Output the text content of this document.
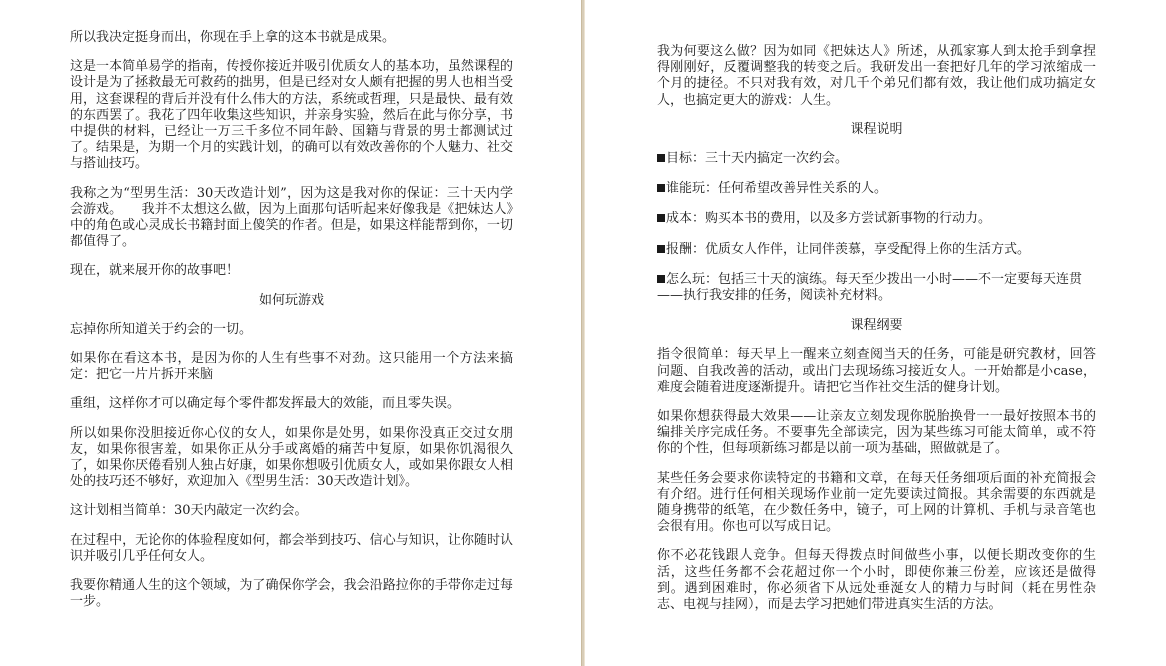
所以我决定挺身而出，你现在手上拿的这本书就是成果。

这是一本简单易学的指南，传授你接近并吸引优质女人的基本功，虽然课程的设计是为了拯救最无可救药的拙男，但是已经对女人颇有把握的男人也相当受用，这套课程的背后并没有什么伟大的方法，系统或哲理，只是最快、最有效的东西罢了。我花了四年收集这些知识，并亲身实验，然后在此与你分享，书中提供的材料，已经让一万三千多位不同年龄、国籍与背景的男士都测试过了。结果是，为期一个月的实践计划，的确可以有效改善你的个人魅力、社交与搭讪技巧。

我称之为“型男生活：30天改造计划”，因为这是我对你的保证：三十天内学会游戏。　　我并不太想这么做，因为上面那句话听起来好像我是《把妹达人》中的角色或心灵成长书籍封面上傻笑的作者。但是，如果这样能帮到你，一切都值得了。

现在，就来展开你的故事吧！

如何玩游戏

忘掉你所知道关于约会的一切。

如果你在看这本书，是因为你的人生有些事不对劲。这只能用一个方法来搞定：把它一片片拆开来脑

重组，这样你才可以确定每个零件都发挥最大的效能，而且零失误。

所以如果你没胆接近你心仪的女人，如果你是处男，如果你没真正交过女朋友，如果你很害羞，如果你正从分手或离婚的痛苦中复原，如果你饥渴很久了，如果你厌倦看别人独占好康，如果你想吸引优质女人，或如果你跟女人相处的技巧还不够好，欢迎加入《型男生活：30天改造计划》。

这计划相当简单：30天内敲定一次约会。

在过程中，无论你的体验程度如何，都会举到技巧、信心与知识，让你随时认识并吸引几乎任何女人。

我要你精通人生的这个领域，为了确保你学会，我会沿路拉你的手带你走过每一步。

我为何要这么做？因为如同《把妹达人》所述，从孤家寡人到太抢手到拿捏得刚刚好，反覆调整我的转变之后。我研发出一套把好几年的学习浓缩成一个月的捷径。不只对我有效，对几千个弟兄们都有效，我让他们成功搞定女人，也搞定更大的游戏：人生。

课程说明

目标：三十天内搞定一次约会。

谁能玩：任何希望改善异性关系的人。

成本：购买本书的费用，以及多方尝试新事物的行动力。

报酬：优质女人作伴，让同伴羡慕，享受配得上你的生活方式。

怎么玩：包括三十天的演练。每天至少拨出一小时——不一定要每天连贯——执行我安排的任务，阅读补充材料。

课程纲要

指令很简单：每天早上一醒来立刻查阅当天的任务，可能是研究教材，回答问题、自我改善的活动，或出门去现场练习接近女人。一开始都是小case，难度会随着进度逐渐提升。请把它当作社交生活的健身计划。

如果你想获得最大效果——让亲友立刻发现你脱胎换骨一一最好按照本书的编排关序完成任务。不要事先全部读完，因为某些练习可能太简单，或不符你的个性，但每项新练习都是以前一项为基础，照做就是了。

某些任务会要求你读特定的书籍和文章，在每天任务细项后面的补充简报会有介绍。进行任何相关现场作业前一定先要读过简报。其余需要的东西就是随身携带的纸笔，在少数任务中，镜子，可上网的计算机、手机与录音笔也会很有用。你也可以写成日记。

你不必花钱跟人竞争。但每天得拨点时间做些小事，以便长期改变你的生活，这些任务都不会花超过你一个小时，即使你兼三份差，应该还是做得到。遇到困难时，你必须省下从远处垂涎女人的精力与时间（耗在男性杂志、电视与挂网），而是去学习把她们带进真实生活的方法。
